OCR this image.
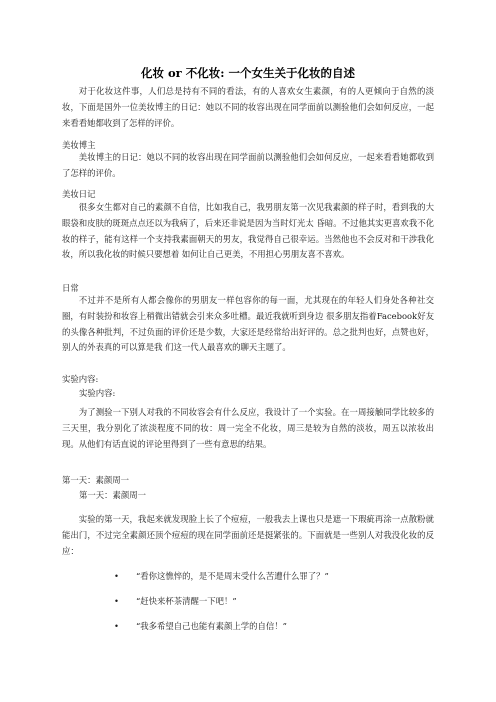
化妆 or 不化妆: 一个女生关于化妆的自述

对于化妆这件事，人们总是持有不同的看法，有的人喜欢女生素颜，有的人更倾向于自然的淡妆，下面是国外一位美妆博主的日记：她以不同的妆容出现在同学面前以测验他们会如何反应，一起来看看她都收到了怎样的评价。

美妆博主

美妆博主的日记：她以不同的妆容出现在同学面前以测验他们会如何反应，一起来看看她都收到了怎样的评价。

美妆日记

很多女生都对自己的素颜不自信，比如我自己，我男朋友第一次见我素颜的样子时，看到我的大眼袋和皮肤的斑斑点点还以为我病了，后来还非说是因为当时灯光太 昏暗。不过他其实更喜欢我不化妆的样子，能有这样一个支持我素面朝天的男友，我觉得自己很幸运。当然他也不会反对和干涉我化妆，所以我化妆的时候只要想着 如何让自己更美，不用担心男朋友喜不喜欢。

日常

不过并不是所有人都会像你的男朋友一样包容你的每一面，尤其现在的年轻人们身处各种社交圈，有时装扮和妆容上稍微出错就会引来众多吐槽。最近我就听到身边 很多朋友指着Facebook好友的头像各种批判，不过负面的评价还是少数，大家还是经常给出好评的。总之批判也好，点赞也好，别人的外表真的可以算是我 们这一代人最喜欢的聊天主题了。

实验内容:

实验内容:

为了测验一下别人对我的不同妆容会有什么反应，我设计了一个实验。在一周接触同学比较多的三天里，我分别化了浓淡程度不同的妆：周一完全不化妆，周三是较为自然的淡妆，周五以浓妆出现。从他们有话直说的评论里得到了一些有意思的结果。

第一天：素颜周一

第一天：素颜周一

实验的第一天，我起来就发现脸上长了个痘痘，一般我去上课也只是遮一下瑕疵再涂一点散粉就 能出门，不过完全素颜还顶个痘痘的现在同学面前还是挺紧张的。下面就是一些别人对我没化妆的反应：

•	“看你这憔悴的，是不是周末受什么苦遭什么罪了？”
•	“赶快来杯茶清醒一下吧！”
•	“我多希望自己也能有素颜上学的自信！”
